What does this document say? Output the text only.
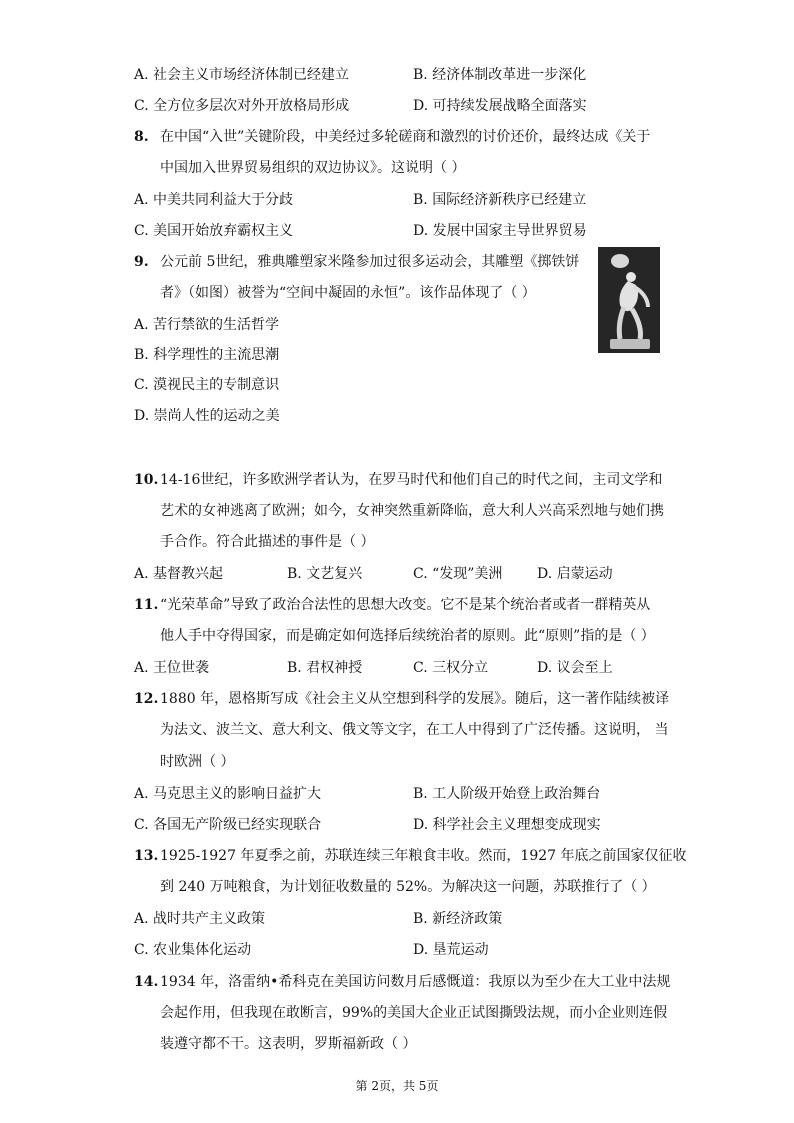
A. 社会主义市场经济体制已经建立	B. 经济体制改革进一步深化
C. 全方位多层次对外开放格局形成	D. 可持续发展战略全面落实
8. 在中国“入世”关键阶段，中美经过多轮磋商和激烈的讨价还价，最终达成《关于
中国加入世界贸易组织的双边协议》。这说明（ ）
A. 中美共同利益大于分歧	B. 国际经济新秩序已经建立
C. 美国开始放弃霸权主义	D. 发展中国家主导世界贸易
9. 公元前 5世纪，雅典雕塑家米隆参加过很多运动会，其雕塑《掷铁饼
者》（如图）被誉为“空间中凝固的永恒”。该作品体现了（ ）
A. 苦行禁欲的生活哲学
B. 科学理性的主流思潮
C. 漠视民主的专制意识
D. 崇尚人性的运动之美
10. 14-16世纪，许多欧洲学者认为，在罗马时代和他们自己的时代之间，主司文学和
艺术的女神逃离了欧洲；如今，女神突然重新降临，意大利人兴高采烈地与她们携
手合作。符合此描述的事件是（ ）
A. 基督教兴起	B. 文艺复兴	C. “发现”美洲 D. 启蒙运动
11. “光荣革命”导致了政治合法性的思想大改变。它不是某个统治者或者一群精英从
他人手中夺得国家，而是确定如何选择后续统治者的原则。此“原则”指的是（ ）
A. 王位世袭	B. 君权神授	C. 三权分立	D. 议会至上
12. 1880 年，恩格斯写成《社会主义从空想到科学的发展》。随后，这一著作陆续被译
为法文、波兰文、意大利文、俄文等文字，在工人中得到了广泛传播。这说明， 当
时欧洲（ ）
A. 马克思主义的影响日益扩大	B. 工人阶级开始登上政治舞台
C. 各国无产阶级已经实现联合	D. 科学社会主义理想变成现实
13. 1925-1927 年夏季之前，苏联连续三年粮食丰收。然而，1927 年底之前国家仅征收
到 240 万吨粮食，为计划征收数量的 52%。为解决这一问题，苏联推行了（ ）
A. 战时共产主义政策	B. 新经济政策
C. 农业集体化运动	D. 垦荒运动
14. 1934 年，洛雷纳•希科克在美国访问数月后感慨道：我原以为至少在大工业中法规
会起作用，但我现在敢断言，99%的美国大企业正试图撕毁法规，而小企业则连假
装遵守都不干。这表明，罗斯福新政（ ）
第 2页，共 5页
